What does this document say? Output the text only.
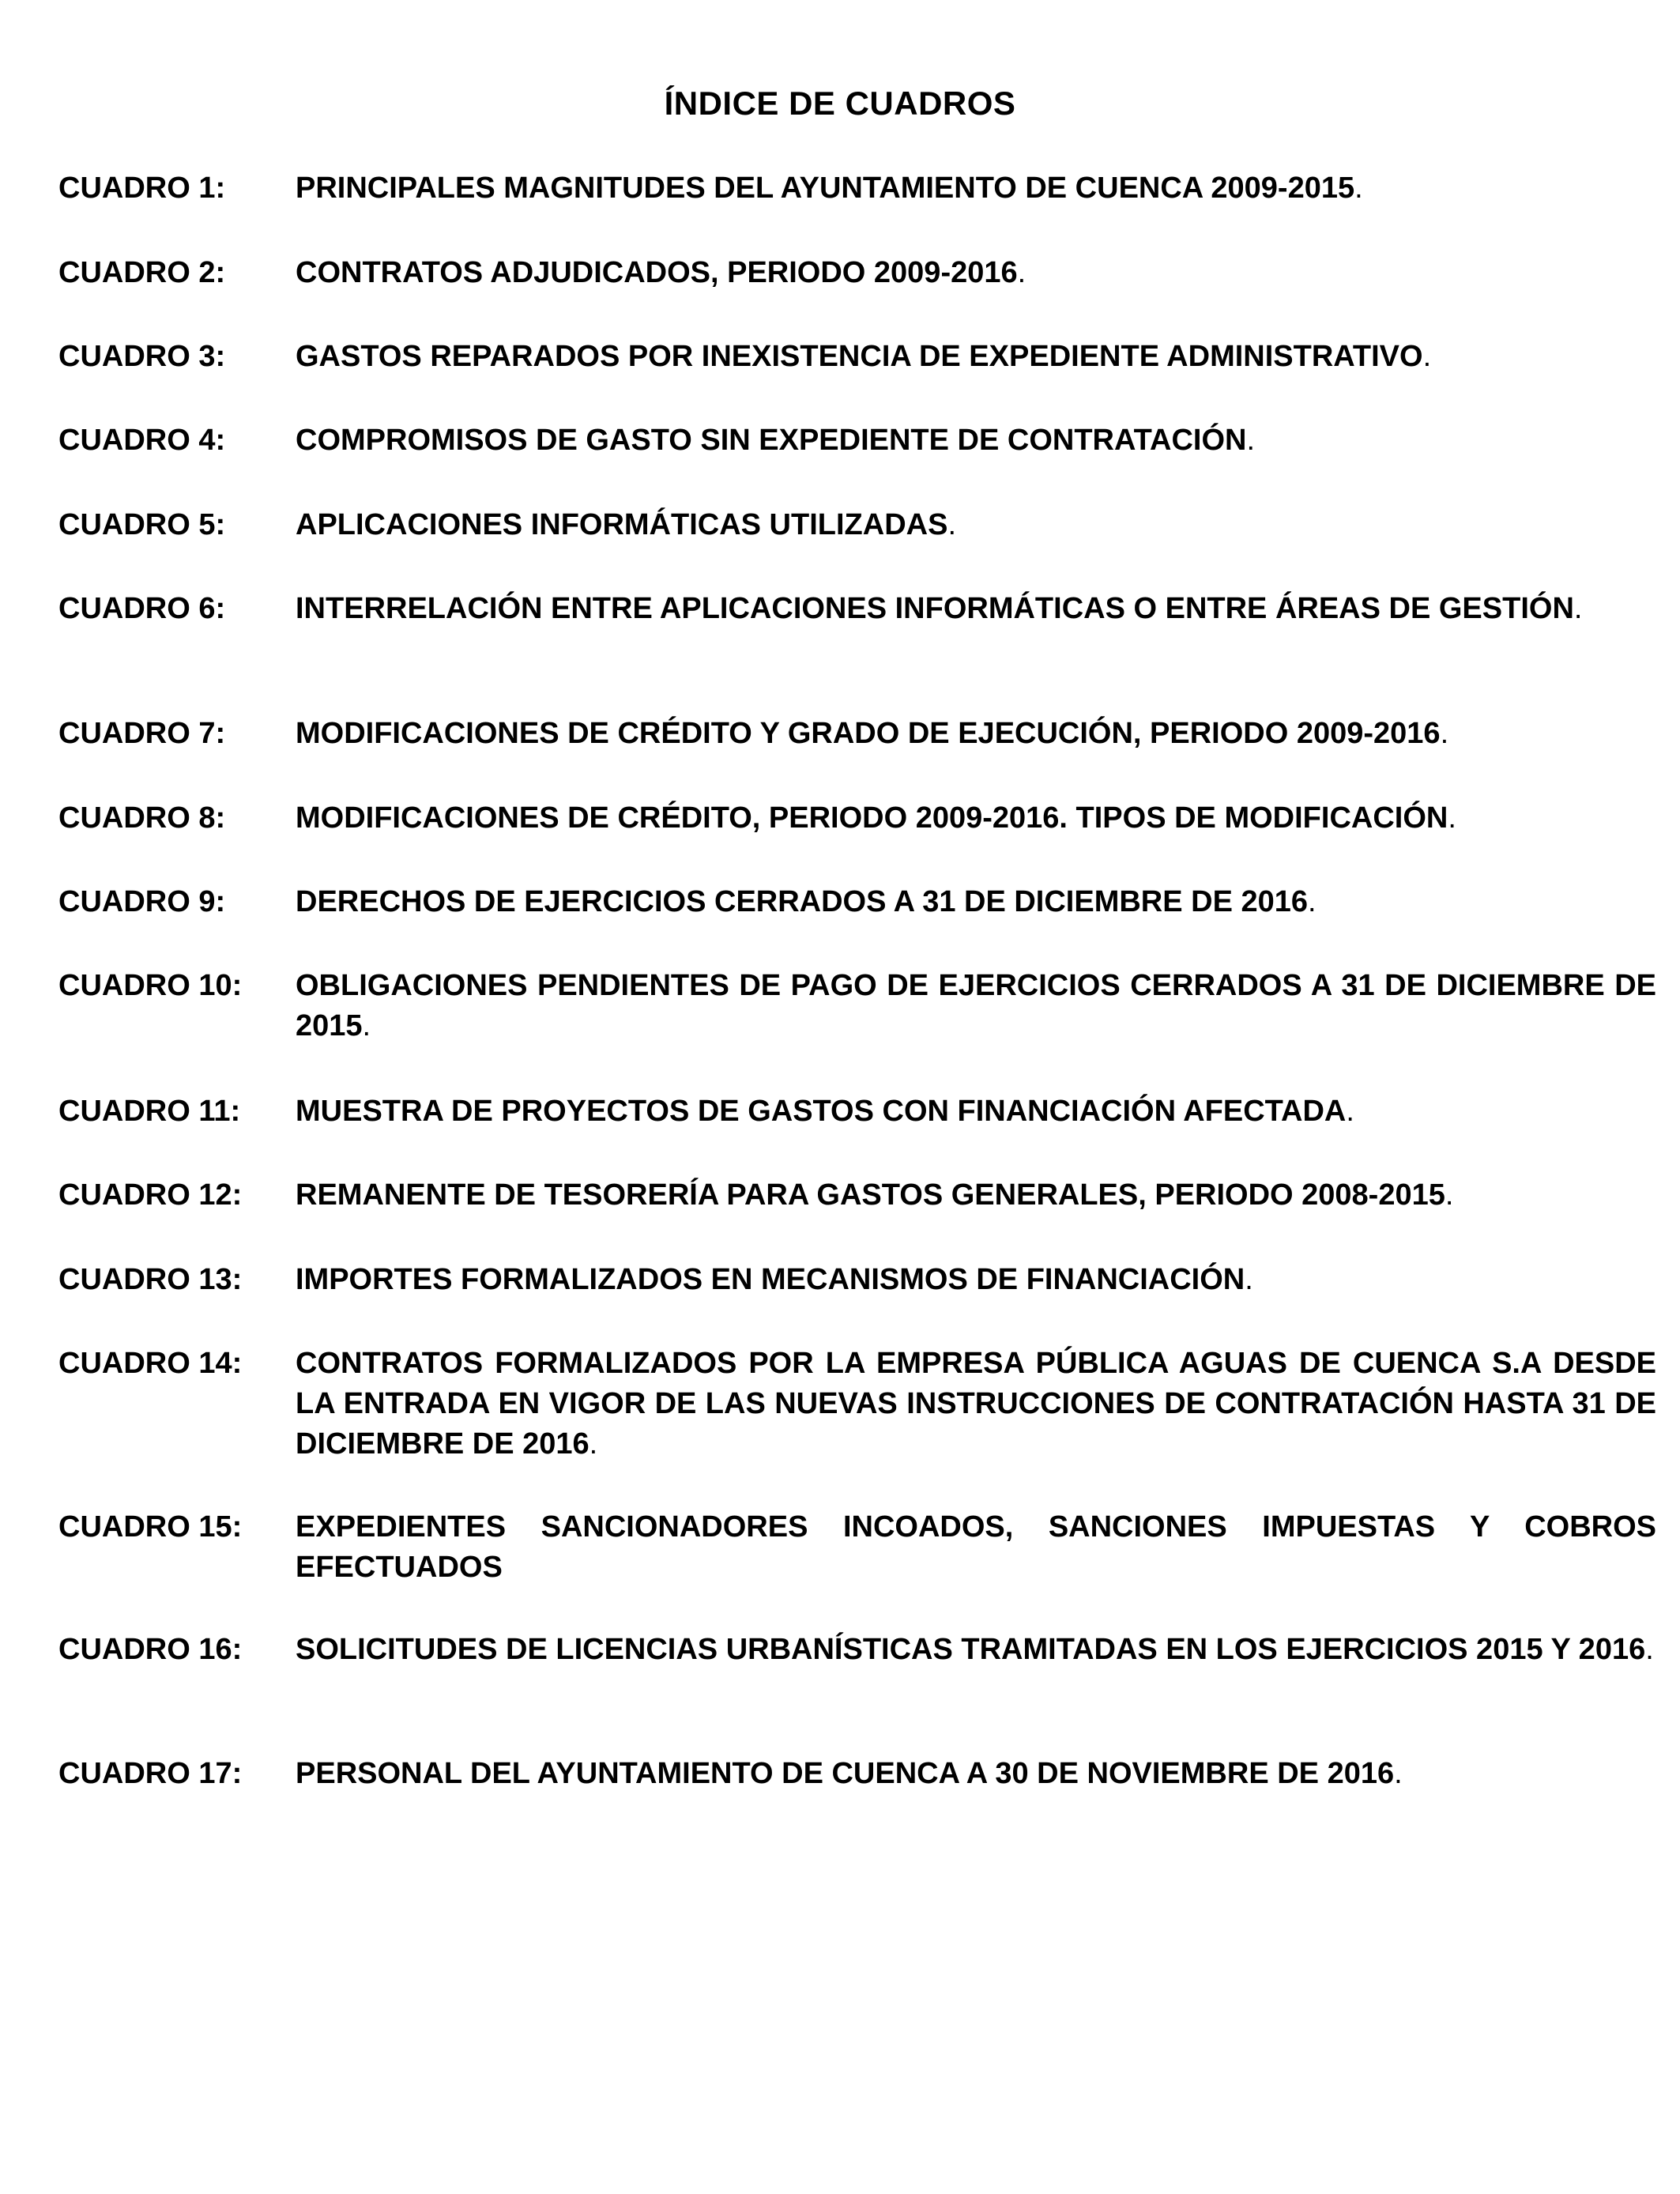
ÍNDICE DE CUADROS
CUADRO 1: PRINCIPALES MAGNITUDES DEL AYUNTAMIENTO DE CUENCA 2009-2015.
CUADRO 2: CONTRATOS ADJUDICADOS, PERIODO 2009-2016.
CUADRO 3: GASTOS REPARADOS POR INEXISTENCIA DE EXPEDIENTE ADMINISTRATIVO.
CUADRO 4: COMPROMISOS DE GASTO SIN EXPEDIENTE DE CONTRATACIÓN.
CUADRO 5: APLICACIONES INFORMÁTICAS UTILIZADAS.
CUADRO 6: INTERRELACIÓN ENTRE APLICACIONES INFORMÁTICAS O ENTRE ÁREAS DE GESTIÓN.
CUADRO 7: MODIFICACIONES DE CRÉDITO Y GRADO DE EJECUCIÓN, PERIODO 2009-2016.
CUADRO 8: MODIFICACIONES DE CRÉDITO, PERIODO 2009-2016. TIPOS DE MODIFICACIÓN.
CUADRO 9: DERECHOS DE EJERCICIOS CERRADOS A 31 DE DICIEMBRE DE 2016.
CUADRO 10: OBLIGACIONES PENDIENTES DE PAGO DE EJERCICIOS CERRADOS A 31 DE DICIEMBRE DE 2015.
CUADRO 11: MUESTRA DE PROYECTOS DE GASTOS CON FINANCIACIÓN AFECTADA.
CUADRO 12: REMANENTE DE TESORERÍA PARA GASTOS GENERALES, PERIODO 2008-2015.
CUADRO 13: IMPORTES FORMALIZADOS EN MECANISMOS DE FINANCIACIÓN.
CUADRO 14: CONTRATOS FORMALIZADOS POR LA EMPRESA PÚBLICA AGUAS DE CUENCA S.A DESDE LA ENTRADA EN VIGOR DE LAS NUEVAS INSTRUCCIONES DE CONTRATACIÓN HASTA 31 DE DICIEMBRE DE 2016.
CUADRO 15: EXPEDIENTES SANCIONADORES INCOADOS, SANCIONES IMPUESTAS Y COBROS EFECTUADOS
CUADRO 16: SOLICITUDES DE LICENCIAS URBANÍSTICAS TRAMITADAS EN LOS EJERCICIOS 2015 Y 2016.
CUADRO 17: PERSONAL DEL AYUNTAMIENTO DE CUENCA A 30 DE NOVIEMBRE DE 2016.
